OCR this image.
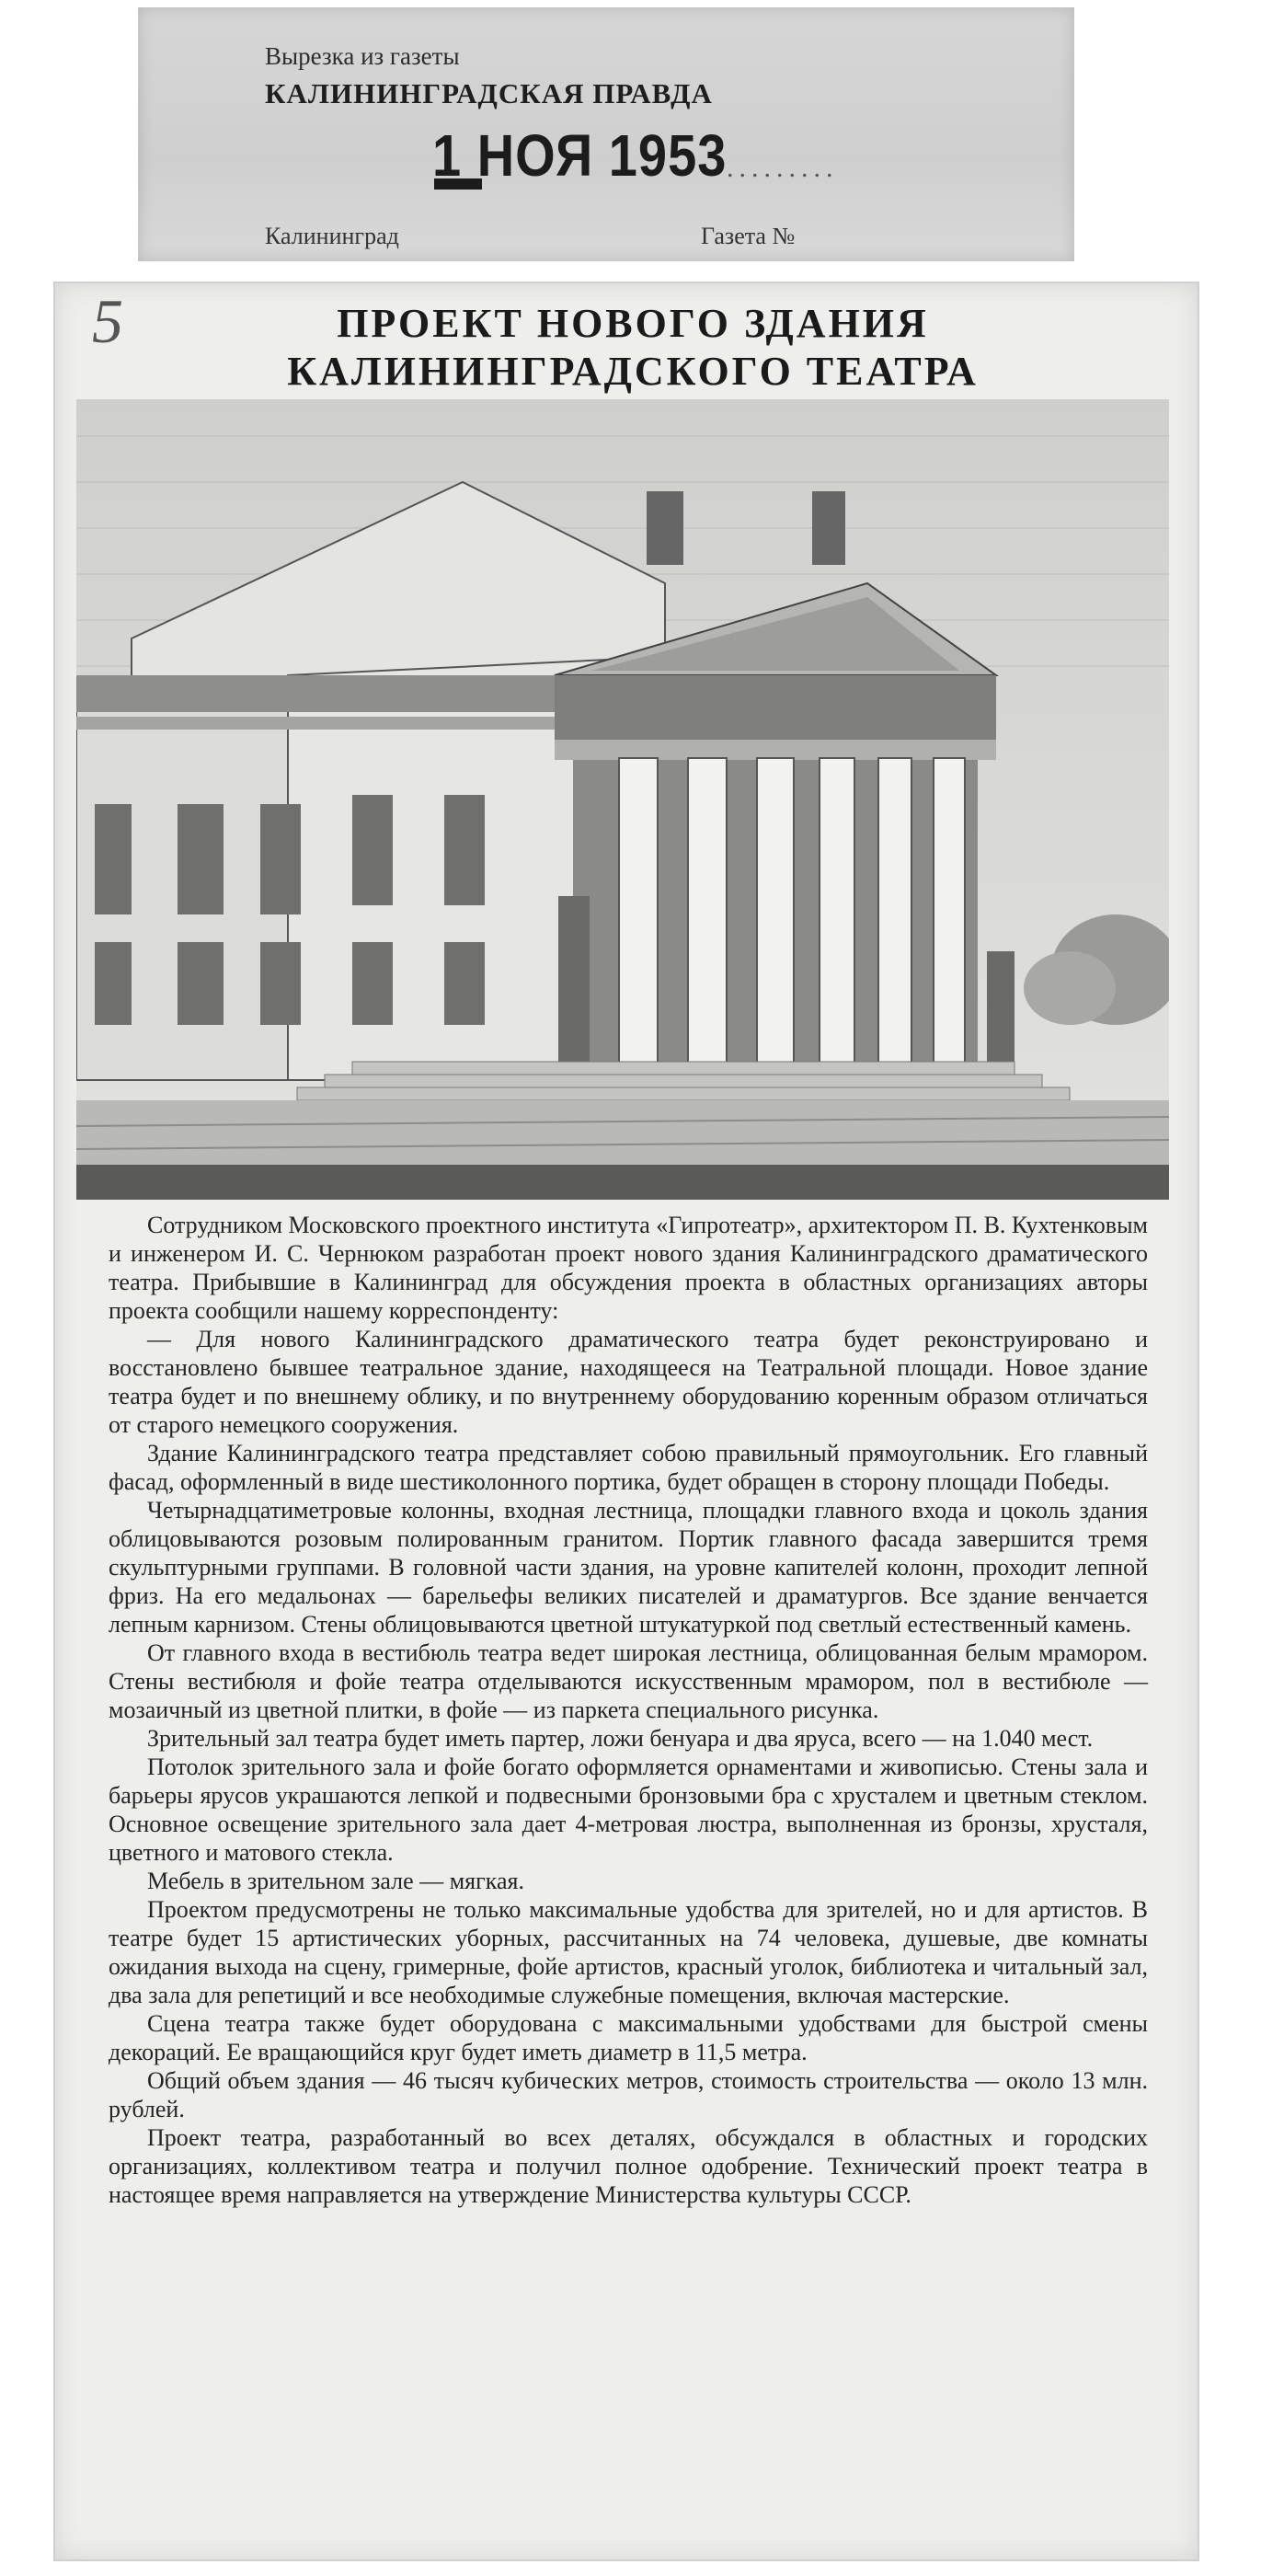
Вырезка из газеты
КАЛИНИНГРАДСКАЯ ПРАВДА
1 НОЯ 1953 .........
Калининград	Газета №
5	ПРОЕКТ НОВОГО ЗДАНИЯ
КАЛИНИНГРАДСКОГО ТЕАТРА

Сотрудником Московского проектного института «Гипротеатр», архитектором П. В. Кухтенковым и инженером И. С. Чернюком разработан проект нового здания Калининградского драматического театра. Прибывшие в Калининград для обсуждения проекта в областных организациях авторы проекта сообщили нашему корреспонденту:

— Для нового Калининградского драматического театра будет реконструировано и восстановлено бывшее театральное здание, находящееся на Театральной площади. Новое здание театра будет и по внешнему облику, и по внутреннему оборудованию коренным образом отличаться от старого немецкого сооружения.

Здание Калининградского театра представляет собою правильный прямоугольник. Его главный фасад, оформленный в виде шестиколонного портика, будет обращен в сторону площади Победы.

Четырнадцатиметровые колонны, входная лестница, площадки главного входа и цоколь здания облицовываются розовым полированным гранитом. Портик главного фасада завершится тремя скульптурными группами. В головной части здания, на уровне капителей колонн, проходит лепной фриз. На его медальонах — барельефы великих писателей и драматургов. Все здание венчается лепным карнизом. Стены облицовываются цветной штукатуркой под светлый естественный камень.

От главного входа в вестибюль театра ведет широкая лестница, облицованная белым мрамором. Стены вестибюля и фойе театра отделываются искусственным мрамором, пол в вестибюле — мозаичный из цветной плитки, в фойе — из паркета специального рисунка.

Зрительный зал театра будет иметь партер, ложи бенуара и два яруса, всего — на 1.040 мест.

Потолок зрительного зала и фойе богато оформляется орнаментами и живописью. Стены зала и барьеры ярусов украшаются лепкой и подвесными бронзовыми бра с хрусталем и цветным стеклом. Основное освещение зрительного зала дает 4-метровая люстра, выполненная из бронзы, хрусталя, цветного и матового стекла.

Мебель в зрительном зале — мягкая.

Проектом предусмотрены не только максимальные удобства для зрителей, но и для артистов. В театре будет 15 артистических уборных, рассчитанных на 74 человека, душевые, две комнаты ожидания выхода на сцену, гримерные, фойе артистов, красный уголок, библиотека и читальный зал, два зала для репетиций и все необходимые служебные помещения, включая мастерские.

Сцена театра также будет оборудована с максимальными удобствами для быстрой смены декораций. Ее вращающийся круг будет иметь диаметр в 11,5 метра.

Общий объем здания — 46 тысяч кубических метров, стоимость строительства — около 13 млн. рублей.

Проект театра, разработанный во всех деталях, обсуждался в областных и городских организациях, коллективом театра и получил полное одобрение. Технический проект театра в настоящее время направляется на утверждение Министерства культуры СССР.
